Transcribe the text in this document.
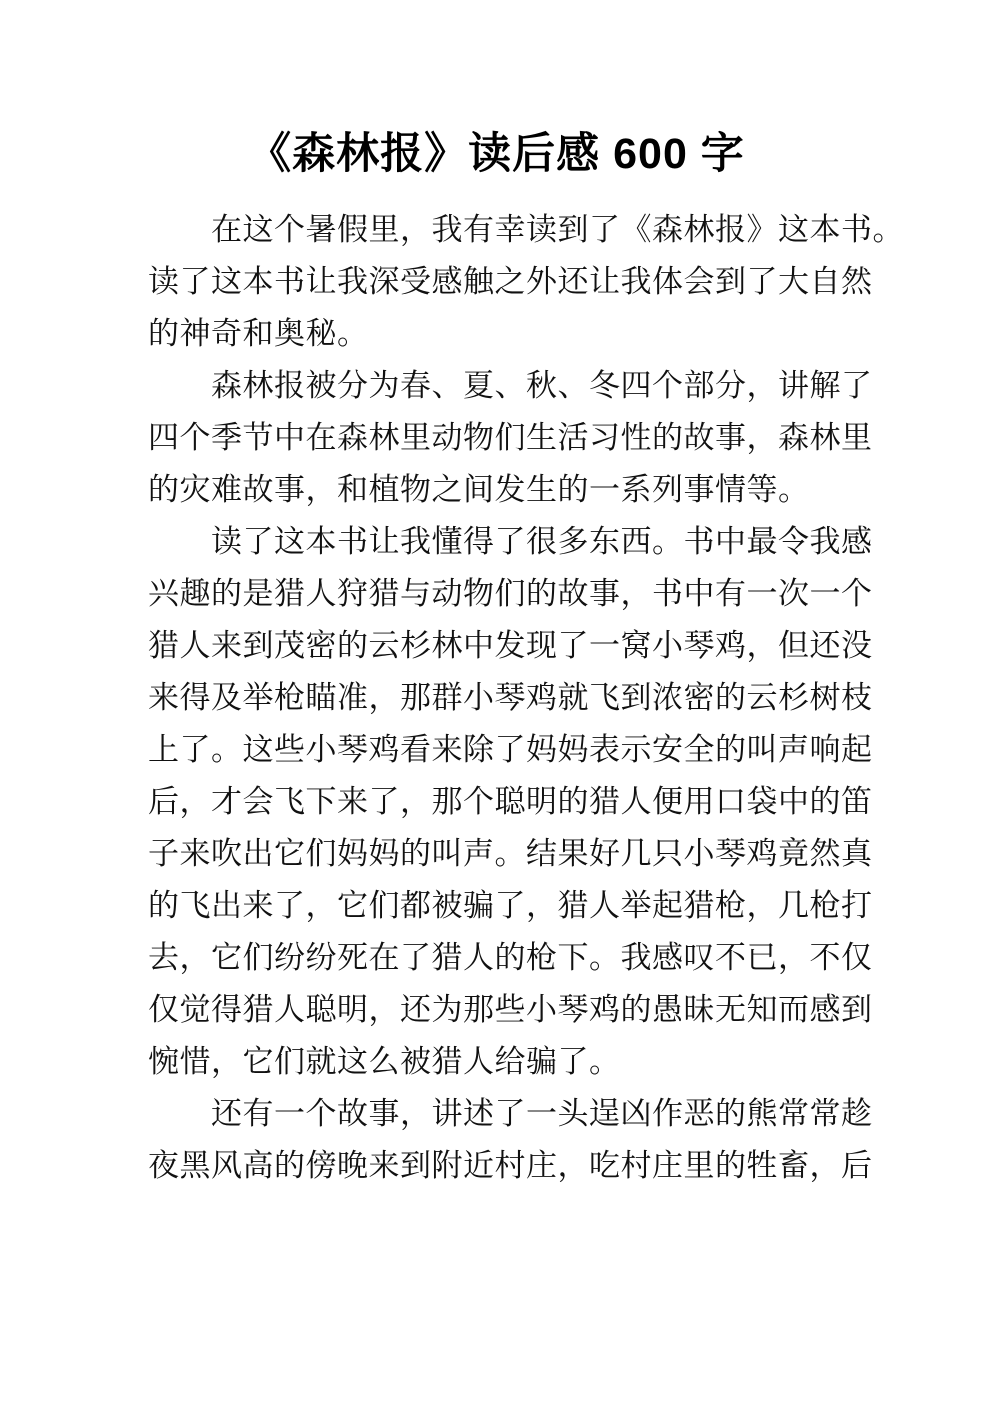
《森林报》读后感 600 字
在这个暑假里，我有幸读到了《森林报》这本书。
读了这本书让我深受感触之外还让我体会到了大自然
的神奇和奥秘。
森林报被分为春、夏、秋、冬四个部分，讲解了
四个季节中在森林里动物们生活习性的故事，森林里
的灾难故事，和植物之间发生的一系列事情等。
读了这本书让我懂得了很多东西。书中最令我感
兴趣的是猎人狩猎与动物们的故事，书中有一次一个
猎人来到茂密的云杉林中发现了一窝小琴鸡，但还没
来得及举枪瞄准，那群小琴鸡就飞到浓密的云杉树枝
上了。这些小琴鸡看来除了妈妈表示安全的叫声响起
后，才会飞下来了，那个聪明的猎人便用口袋中的笛
子来吹出它们妈妈的叫声。结果好几只小琴鸡竟然真
的飞出来了，它们都被骗了，猎人举起猎枪，几枪打
去，它们纷纷死在了猎人的枪下。我感叹不已，不仅
仅觉得猎人聪明，还为那些小琴鸡的愚昧无知而感到
惋惜，它们就这么被猎人给骗了。
还有一个故事，讲述了一头逞凶作恶的熊常常趁
夜黑风高的傍晚来到附近村庄，吃村庄里的牲畜，后
